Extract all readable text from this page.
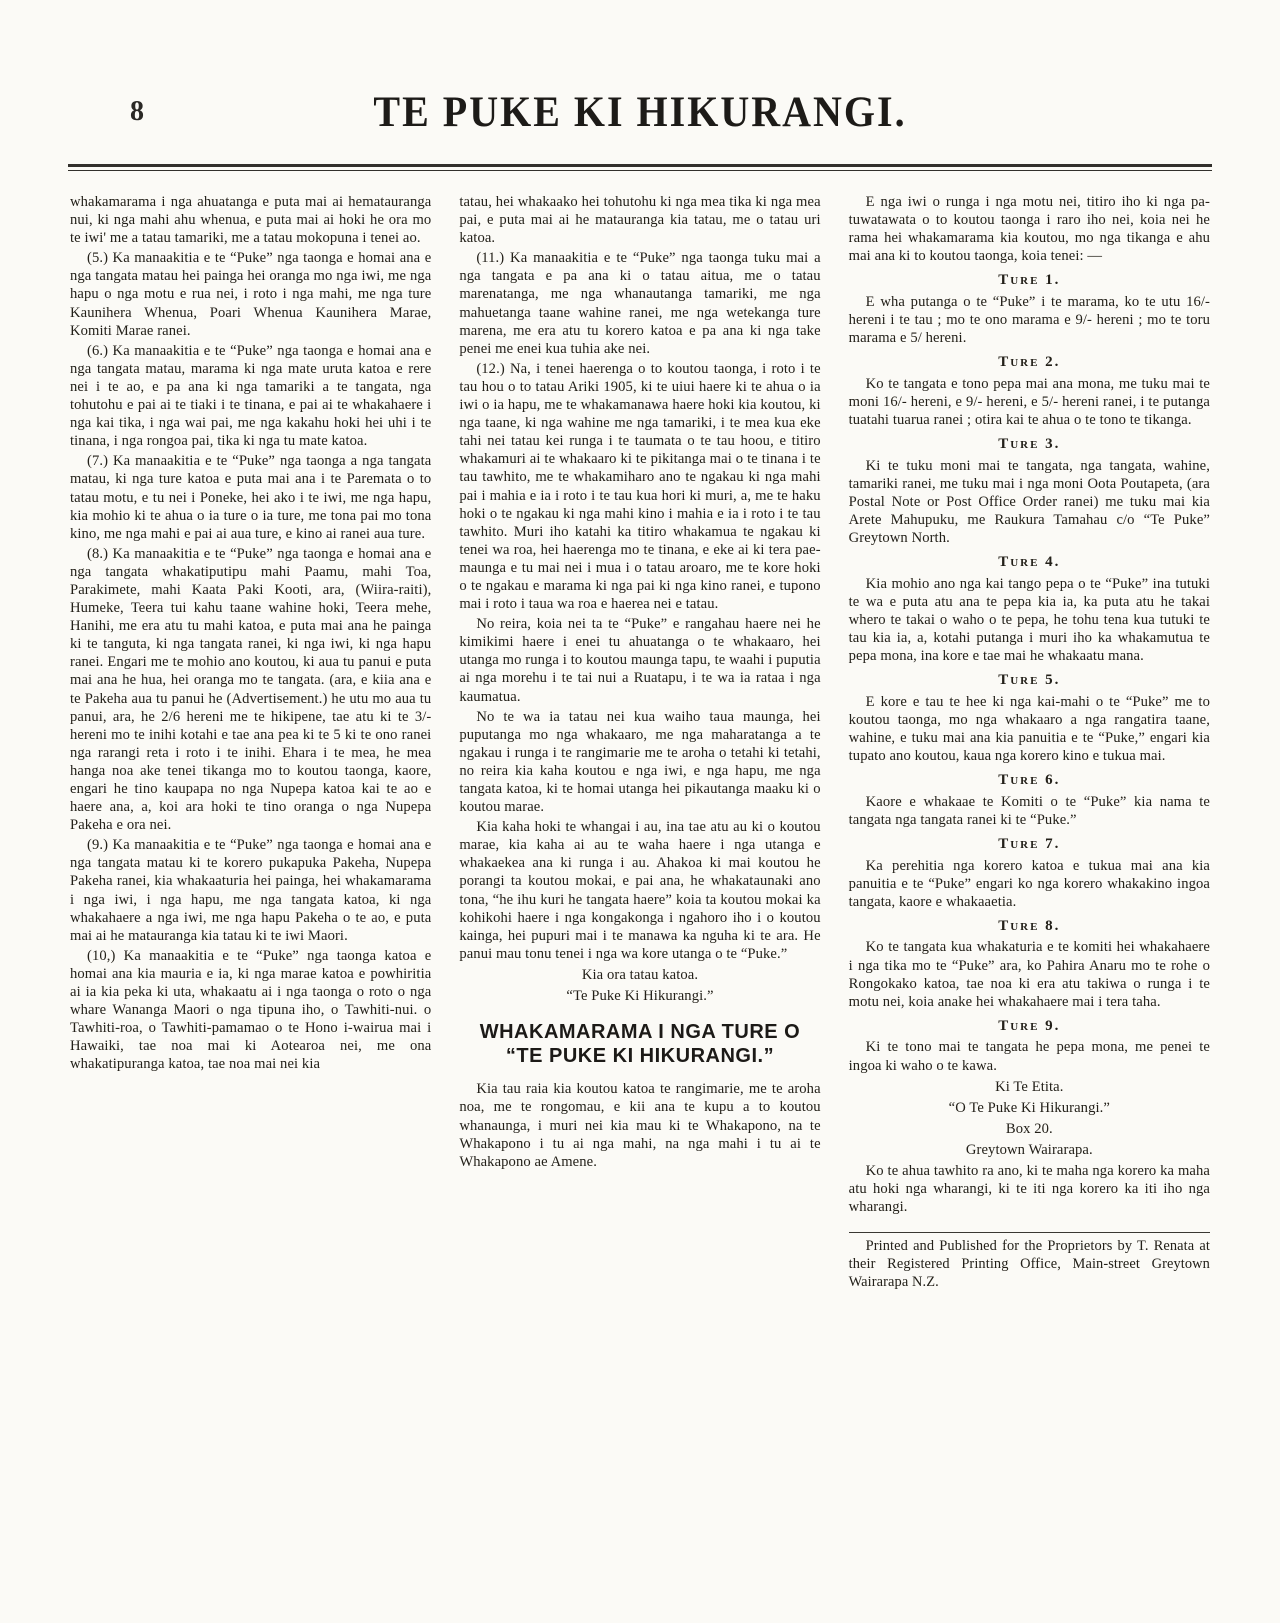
8	TE PUKE KI HIKURANGI.

whakamarama i nga ahuatanga e puta mai ai hematauranga nui, ki nga mahi ahu whenua, e puta mai ai hoki he ora mo te iwi' me a tatau tamariki, me a tatau mokopuna i tenei ao.

(5.) Ka manaakitia e te “Puke” nga taonga e homai ana e nga tangata matau hei painga hei oranga mo nga iwi, me nga hapu o nga motu e rua nei, i roto i nga mahi, me nga ture Kaunihera Whenua, Poari Whenua Kaunihera Marae, Komiti Marae ranei.

(6.) Ka manaakitia e te “Puke” nga taonga e homai ana e nga tangata matau, marama ki nga mate uruta katoa e rere nei i te ao, e pa ana ki nga tamariki a te tangata, nga tohutohu e pai ai te tiaki i te tinana, e pai ai te whakahaere i nga kai tika, i nga wai pai, me nga kakahu hoki hei uhi i te tinana, i nga rongoa pai, tika ki nga tu mate katoa.

(7.) Ka manaakitia e te “Puke” nga taonga a nga tangata matau, ki nga ture katoa e puta mai ana i te Paremata o to tatau motu, e tu nei i Poneke, hei ako i te iwi, me nga hapu, kia mohio ki te ahua o ia ture o ia ture, me tona pai mo tona kino, me nga mahi e pai ai aua ture, e kino ai ranei aua ture.

(8.) Ka manaakitia e te “Puke” nga taonga e homai ana e nga tangata whakatiputipu mahi Paamu, mahi Toa, Parakimete, mahi Kaata Paki Kooti, ara, (Wiira-raiti), Humeke, Teera tui kahu taane wahine hoki, Teera mehe, Hanihi, me era atu tu mahi katoa, e puta mai ana he painga ki te tanguta, ki nga tangata ranei, ki nga iwi, ki nga hapu ranei. Engari me te mohio ano koutou, ki aua tu panui e puta mai ana he hua, hei oranga mo te tangata. (ara, e kiia ana e te Pakeha aua tu panui he (Advertisement.) he utu mo aua tu panui, ara, he 2/6 hereni me te hikipene, tae atu ki te 3/- hereni mo te inihi kotahi e tae ana pea ki te 5 ki te ono ranei nga rarangi reta i roto i te inihi. Ehara i te mea, he mea hanga noa ake tenei tikanga mo to koutou taonga, kaore, engari he tino kaupapa no nga Nupepa katoa kai te ao e haere ana, a, koi ara hoki te tino oranga o nga Nupepa Pakeha e ora nei.

(9.) Ka manaakitia e te “Puke” nga taonga e homai ana e nga tangata matau ki te korero pukapuka Pakeha, Nupepa Pakeha ranei, kia whakaaturia hei painga, hei whakamarama i nga iwi, i nga hapu, me nga tangata katoa, ki nga whakahaere a nga iwi, me nga hapu Pakeha o te ao, e puta mai ai he matauranga kia tatau ki te iwi Maori.

(10,) Ka manaakitia e te “Puke” nga taonga katoa e homai ana kia mauria e ia, ki nga marae katoa e powhiritia ai ia kia peka ki uta, whakaatu ai i nga taonga o roto o nga whare Wananga Maori o nga tipuna iho, o Tawhiti-nui. o Tawhiti-roa, o Tawhiti-pamamao o te Hono i-wairua mai i Hawaiki, tae noa mai ki Aotearoa nei, me ona whakatipuranga katoa, tae noa mai nei kia

tatau, hei whakaako hei tohutohu ki nga mea tika ki nga mea pai, e puta mai ai he matauranga kia tatau, me o tatau uri katoa.

(11.) Ka manaakitia e te “Puke” nga taonga tuku mai a nga tangata e pa ana ki o tatau aitua, me o tatau marenatanga, me nga whanautanga tamariki, me nga mahuetanga taane wahine ranei, me nga wetekanga ture marena, me era atu tu korero katoa e pa ana ki nga take penei me enei kua tuhia ake nei.

(12.) Na, i tenei haerenga o to koutou taonga, i roto i te tau hou o to tatau Ariki 1905, ki te uiui haere ki te ahua o ia iwi o ia hapu, me te whakamanawa haere hoki kia koutou, ki nga taane, ki nga wahine me nga tamariki, i te mea kua eke tahi nei tatau kei runga i te taumata o te tau hoou, e titiro whakamuri ai te whakaaro ki te pikitanga mai o te tinana i te tau tawhito, me te whakamiharo ano te ngakau ki nga mahi pai i mahia e ia i roto i te tau kua hori ki muri, a, me te haku hoki o te ngakau ki nga mahi kino i mahia e ia i roto i te tau tawhito. Muri iho katahi ka titiro whakamua te ngakau ki tenei wa roa, hei haerenga mo te tinana, e eke ai ki tera pae-maunga e tu mai nei i mua i o tatau aroaro, me te kore hoki o te ngakau e marama ki nga pai ki nga kino ranei, e tupono mai i roto i taua wa roa e haerea nei e tatau.

No reira, koia nei ta te “Puke” e rangahau haere nei he kimikimi haere i enei tu ahuatanga o te whakaaro, hei utanga mo runga i to koutou maunga tapu, te waahi i puputia ai nga morehu i te tai nui a Ruatapu, i te wa ia rataa i nga kaumatua.

No te wa ia tatau nei kua waiho taua maunga, hei puputanga mo nga whakaaro, me nga maharatanga a te ngakau i runga i te rangimarie me te aroha o tetahi ki tetahi, no reira kia kaha koutou e nga iwi, e nga hapu, me nga tangata katoa, ki te homai utanga hei pikautanga maaku ki o koutou marae.

Kia kaha hoki te whangai i au, ina tae atu au ki o koutou marae, kia kaha ai au te waha haere i nga utanga e whakaekea ana ki runga i au. Ahakoa ki mai koutou he porangi ta koutou mokai, e pai ana, he whakataunaki ano tona, “he ihu kuri he tangata haere” koia ta koutou mokai ka kohikohi haere i nga kongakonga i ngahoro iho i o koutou kainga, hei pupuri mai i te manawa ka nguha ki te ara. He panui mau tonu tenei i nga wa kore utanga o te “Puke.”

Kia ora tatau katoa.

“Te Puke Ki Hikurangi.”

WHAKAMARAMA I NGA TURE O “TE PUKE KI HIKURANGI.”

Kia tau raia kia koutou katoa te rangimarie, me te aroha noa, me te rongomau, e kii ana te kupu a to koutou whanaunga, i muri nei kia mau ki te Whakapono, na te Whakapono i tu ai nga mahi, na nga mahi i tu ai te Whakapono ae Amene.

E nga iwi o runga i nga motu nei, titiro iho ki nga pa-tuwatawata o to koutou taonga i raro iho nei, koia nei he rama hei whakamarama kia koutou, mo nga tikanga e ahu mai ana ki to koutou taonga, koia tenei: —

Ture 1.

E wha putanga o te “Puke” i te marama, ko te utu 16/- hereni i te tau ; mo te ono marama e 9/- hereni ; mo te toru marama e 5/ hereni.

Ture 2.

Ko te tangata e tono pepa mai ana mona, me tuku mai te moni 16/- hereni, e 9/- hereni, e 5/- hereni ranei, i te putanga tuatahi tuarua ranei ; otira kai te ahua o te tono te tikanga.

Ture 3.

Ki te tuku moni mai te tangata, nga tangata, wahine, tamariki ranei, me tuku mai i nga moni Oota Poutapeta, (ara Postal Note or Post Office Order ranei) me tuku mai kia Arete Mahupuku, me Raukura Tamahau c/o “Te Puke” Greytown North.

Ture 4.

Kia mohio ano nga kai tango pepa o te “Puke” ina tutuki te wa e puta atu ana te pepa kia ia, ka puta atu he takai whero te takai o waho o te pepa, he tohu tena kua tutuki te tau kia ia, a, kotahi putanga i muri iho ka whakamutua te pepa mona, ina kore e tae mai he whakaatu mana.

Ture 5.

E kore e tau te hee ki nga kai-mahi o te “Puke” me to koutou taonga, mo nga whakaaro a nga rangatira taane, wahine, e tuku mai ana kia panuitia e te “Puke,” engari kia tupato ano koutou, kaua nga korero kino e tukua mai.

Ture 6.

Kaore e whakaae te Komiti o te “Puke” kia nama te tangata nga tangata ranei ki te “Puke.”

Ture 7.

Ka perehitia nga korero katoa e tukua mai ana kia panuitia e te “Puke” engari ko nga korero whakakino ingoa tangata, kaore e whakaaetia.

Ture 8.

Ko te tangata kua whakaturia e te komiti hei whakahaere i nga tika mo te “Puke” ara, ko Pahira Anaru mo te rohe o Rongokako katoa, tae noa ki era atu takiwa o runga i te motu nei, koia anake hei whakahaere mai i tera taha.

Ture 9.

Ki te tono mai te tangata he pepa mona, me penei te ingoa ki waho o te kawa.

Ki Te Etita.

“O Te Puke Ki Hikurangi.”

Box 20.

Greytown Wairarapa.

Ko te ahua tawhito ra ano, ki te maha nga korero ka maha atu hoki nga wharangi, ki te iti nga korero ka iti iho nga wharangi.

Printed and Published for the Proprietors by T. Renata at their Registered Printing Office, Main-street Greytown Wairarapa N.Z.
